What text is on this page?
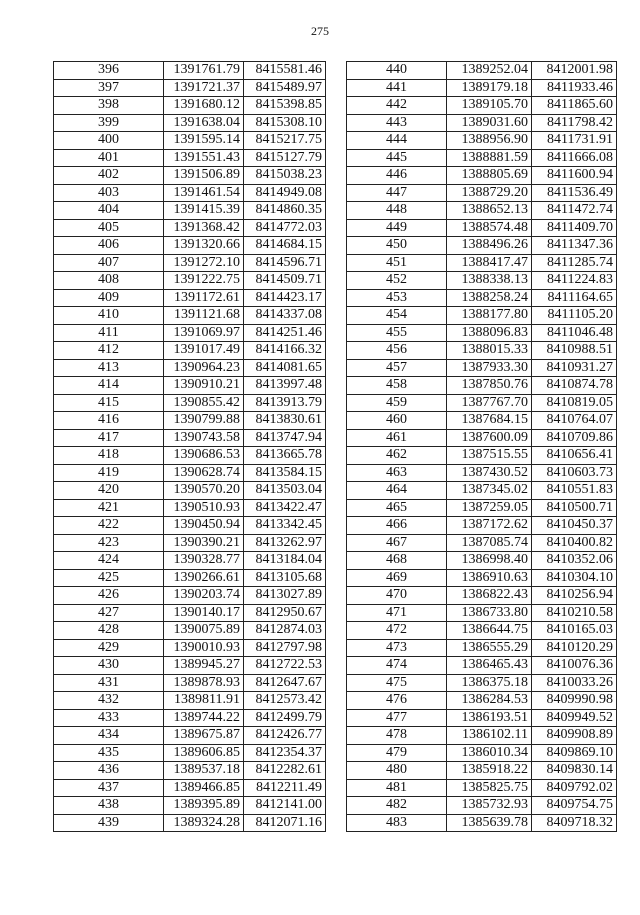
275
396	1391761.79	8415581.46
397	1391721.37	8415489.97
398	1391680.12	8415398.85
399	1391638.04	8415308.10
400	1391595.14	8415217.75
401	1391551.43	8415127.79
402	1391506.89	8415038.23
403	1391461.54	8414949.08
404	1391415.39	8414860.35
405	1391368.42	8414772.03
406	1391320.66	8414684.15
407	1391272.10	8414596.71
408	1391222.75	8414509.71
409	1391172.61	8414423.17
410	1391121.68	8414337.08
411	1391069.97	8414251.46
412	1391017.49	8414166.32
413	1390964.23	8414081.65
414	1390910.21	8413997.48
415	1390855.42	8413913.79
416	1390799.88	8413830.61
417	1390743.58	8413747.94
418	1390686.53	8413665.78
419	1390628.74	8413584.15
420	1390570.20	8413503.04
421	1390510.93	8413422.47
422	1390450.94	8413342.45
423	1390390.21	8413262.97
424	1390328.77	8413184.04
425	1390266.61	8413105.68
426	1390203.74	8413027.89
427	1390140.17	8412950.67
428	1390075.89	8412874.03
429	1390010.93	8412797.98
430	1389945.27	8412722.53
431	1389878.93	8412647.67
432	1389811.91	8412573.42
433	1389744.22	8412499.79
434	1389675.87	8412426.77
435	1389606.85	8412354.37
436	1389537.18	8412282.61
437	1389466.85	8412211.49
438	1389395.89	8412141.00
439	1389324.28	8412071.16
440	1389252.04	8412001.98
441	1389179.18	8411933.46
442	1389105.70	8411865.60
443	1389031.60	8411798.42
444	1388956.90	8411731.91
445	1388881.59	8411666.08
446	1388805.69	8411600.94
447	1388729.20	8411536.49
448	1388652.13	8411472.74
449	1388574.48	8411409.70
450	1388496.26	8411347.36
451	1388417.47	8411285.74
452	1388338.13	8411224.83
453	1388258.24	8411164.65
454	1388177.80	8411105.20
455	1388096.83	8411046.48
456	1388015.33	8410988.51
457	1387933.30	8410931.27
458	1387850.76	8410874.78
459	1387767.70	8410819.05
460	1387684.15	8410764.07
461	1387600.09	8410709.86
462	1387515.55	8410656.41
463	1387430.52	8410603.73
464	1387345.02	8410551.83
465	1387259.05	8410500.71
466	1387172.62	8410450.37
467	1387085.74	8410400.82
468	1386998.40	8410352.06
469	1386910.63	8410304.10
470	1386822.43	8410256.94
471	1386733.80	8410210.58
472	1386644.75	8410165.03
473	1386555.29	8410120.29
474	1386465.43	8410076.36
475	1386375.18	8410033.26
476	1386284.53	8409990.98
477	1386193.51	8409949.52
478	1386102.11	8409908.89
479	1386010.34	8409869.10
480	1385918.22	8409830.14
481	1385825.75	8409792.02
482	1385732.93	8409754.75
483	1385639.78	8409718.32
